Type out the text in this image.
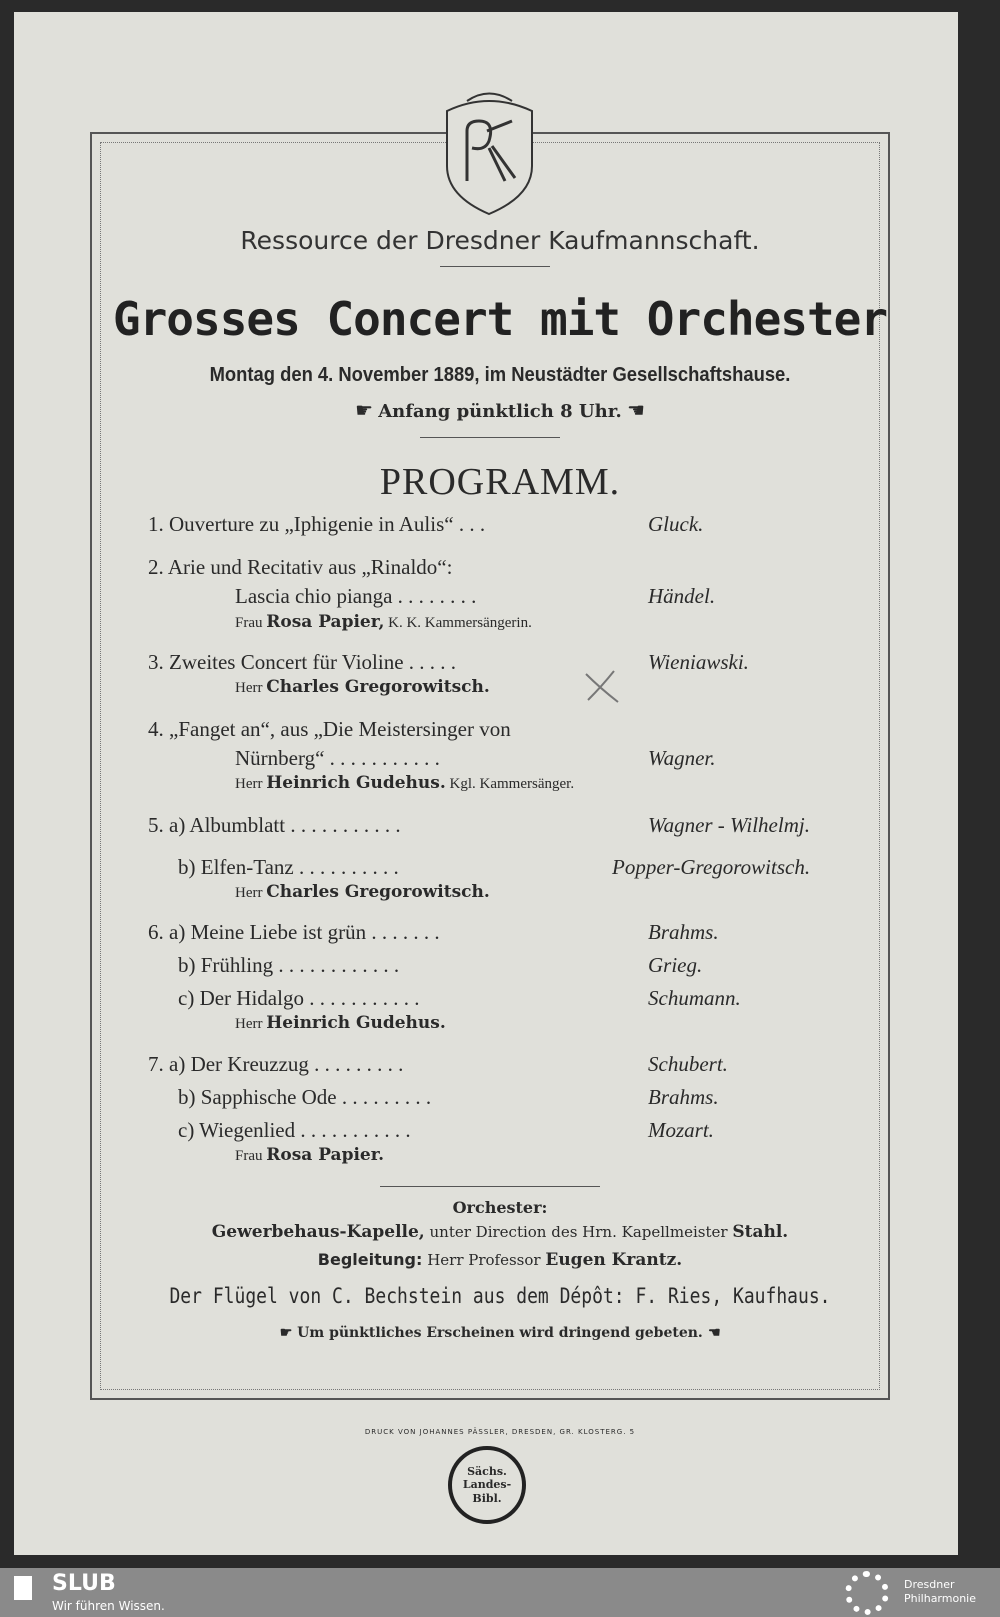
Ressource der Dresdner Kaufmannschaft.
Grosses Concert mit Orchester
Montag den 4. November 1889, im Neustädter Gesellschaftshause.
☛ Anfang pünktlich 8 Uhr. ☛
PROGRAMM.
1. Ouverture zu „Iphigenie in Aulis“ . . .	Gluck.
2. Arie und Recitativ aus „Rinaldo“:
Lascia chio pianga . . . . . . . .	Händel.
Frau Rosa Papier, K. K. Kammersängerin.
3. Zweites Concert für Violine . . . . .	Wieniawski.
Herr Charles Gregorowitsch.
4. „Fanget an“, aus „Die Meistersinger von
Nürnberg“ . . . . . . . . . . .	Wagner.
Herr Heinrich Gudehus. Kgl. Kammersänger.
5. a) Albumblatt . . . . . . . . . . .	Wagner - Wilhelmj.
b) Elfen-Tanz . . . . . . . . . .	Popper-Gregorowitsch.
Herr Charles Gregorowitsch.
6. a) Meine Liebe ist grün . . . . . . .	Brahms.
b) Frühling . . . . . . . . . . . .	Grieg.
c) Der Hidalgo . . . . . . . . . . .	Schumann.
Herr Heinrich Gudehus.
7. a) Der Kreuzzug . . . . . . . . .	Schubert.
b) Sapphische Ode . . . . . . . . .	Brahms.
c) Wiegenlied . . . . . . . . . . .	Mozart.
Frau Rosa Papier.
Orchester:
Gewerbehaus-Kapelle, unter Direction des Hrn. Kapellmeister Stahl.
Begleitung: Herr Professor Eugen Krantz.
Der Flügel von C. Bechstein aus dem Dépôt: F. Ries, Kaufhaus.
☛ Um pünktliches Erscheinen wird dringend gebeten. ☛
DRUCK VON JOHANNES PÄSSLER, DRESDEN, GR. KLOSTERG. 5
Sächs. Landes-Bibl.
SLUB
Wir führen Wissen.
Dresdner
Philharmonie
